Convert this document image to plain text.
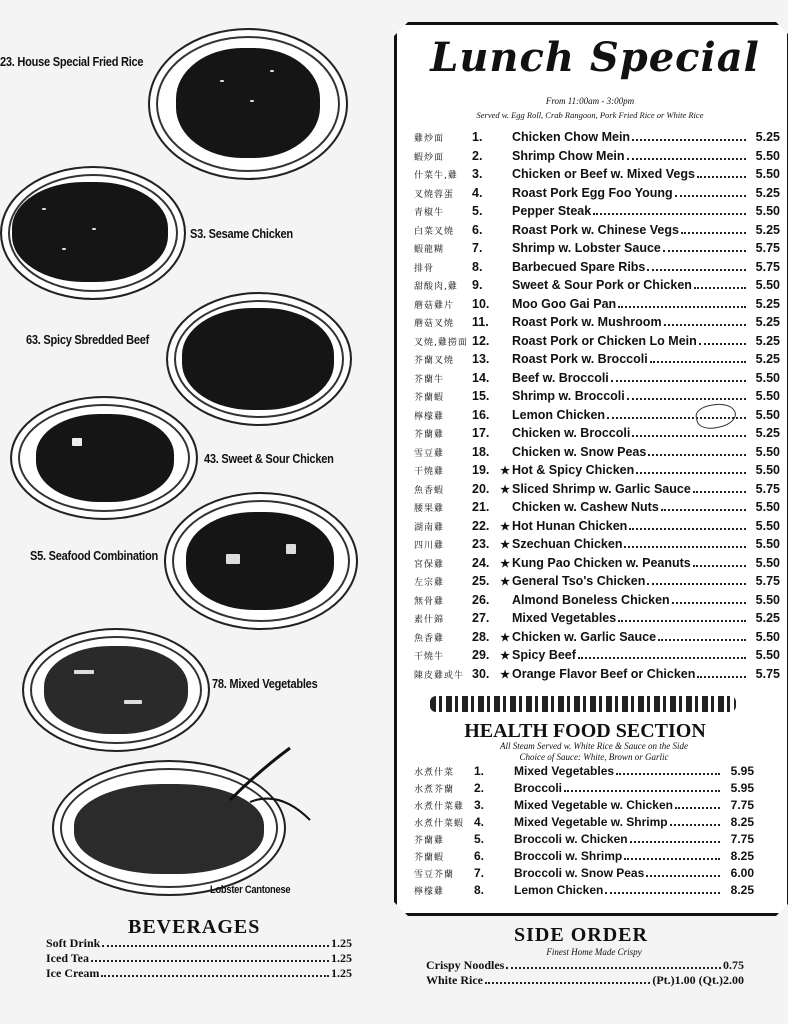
23. House Special Fried Rice
S3. Sesame Chicken
63. Spicy Sbredded Beef
43. Sweet & Sour Chicken
S5. Seafood Combination
78. Mixed Vegetables
Lobster Cantonese
BEVERAGES
Soft Drink	1.25
Iced Tea	1.25
Ice Cream	1.25
Lunch Special
From 11:00am - 3:00pm
Served w. Egg Roll, Crab Rangoon, Pork Fried Rice or White Rice
雞炒面	1.	Chicken Chow Mein	5.25
蝦炒面	2.	Shrimp Chow Mein	5.50
什菜牛,雞	3.	Chicken or Beef w. Mixed Vegs	5.50
叉燒蓉蛋	4.	Roast Pork Egg Foo Young	5.25
青椒牛	5.	Pepper Steak	5.50
白菜叉燒	6.	Roast Pork w. Chinese Vegs	5.25
蝦龍糊	7.	Shrimp w. Lobster Sauce	5.75
排骨	8.	Barbecued Spare Ribs	5.75
甜酸肉,雞	9.	Sweet & Sour Pork or Chicken	5.50
蘑菇雞片	10.	Moo Goo Gai Pan	5.25
蘑菇叉燒	11.	Roast Pork w. Mushroom	5.25
叉燒,雞撈面 12.	Roast Pork or Chicken Lo Mein	5.25
芥蘭叉燒	13.	Roast Pork w. Broccoli	5.25
芥蘭牛	14.	Beef w. Broccoli	5.50
芥蘭蝦	15.	Shrimp w. Broccoli	5.50
檸檬雞	16.	Lemon Chicken	5.50
芥蘭雞	17.	Chicken w. Broccoli	5.25
雪豆雞	18.	Chicken w. Snow Peas	5.50
干燒雞	19. ★ Hot & Spicy Chicken	5.50
魚香蝦	20. ★ Sliced Shrimp w. Garlic Sauce	5.75
腰果雞	21.	Chicken w. Cashew Nuts	5.50
湖南雞	22. ★ Hot Hunan Chicken	5.50
四川雞	23. ★ Szechuan Chicken	5.50
宮保雞	24. ★ Kung Pao Chicken w. Peanuts	5.50
左宗雞	25. ★ General Tso's Chicken	5.75
無骨雞	26.	Almond Boneless Chicken	5.50
素什錦	27.	Mixed Vegetables	5.25
魚香雞	28. ★ Chicken w. Garlic Sauce	5.50
干燒牛	29. ★ Spicy Beef	5.50
陳皮雞或牛 30. ★ Orange Flavor Beef or Chicken	5.75
HEALTH FOOD SECTION
All Steam Served w. White Rice & Sauce on the Side
Choice of Sauce: White, Brown or Garlic
水煮什菜	1.	Mixed Vegetables	5.95
水煮芥蘭	2.	Broccoli	5.95
水煮什菜雞 3.	Mixed Vegetable w. Chicken	7.75
水煮什菜蝦 4.	Mixed Vegetable w. Shrimp	8.25
芥蘭雞	5.	Broccoli w. Chicken	7.75
芥蘭蝦	6.	Broccoli w. Shrimp	8.25
雪豆芥蘭	7.	Broccoli w. Snow Peas	6.00
檸檬雞	8.	Lemon Chicken	8.25
SIDE ORDER
Finest Home Made Crispy
Crispy Noodles	0.75
White Rice	(Pt.)1.00 (Qt.)2.00
